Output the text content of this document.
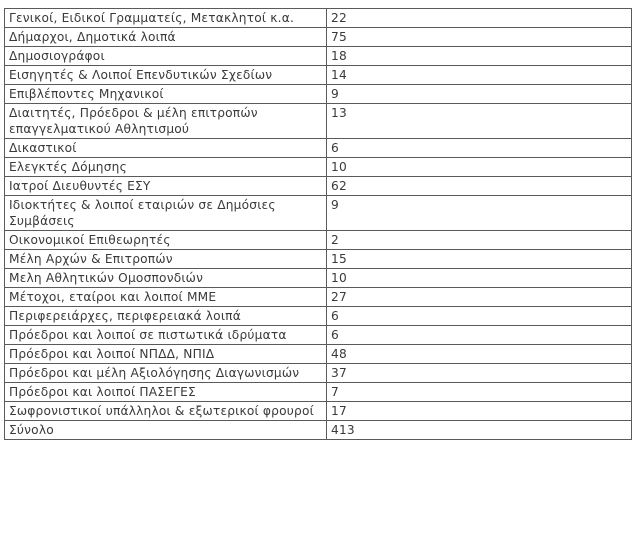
Γενικοί, Ειδικοί Γραμματείς, Μετακλητοί κ.α.	22
Δήμαρχοι, Δημοτικά λοιπά	75
Δημοσιογράφοι	18
Εισηγητές & Λοιποί Επενδυτικών Σχεδίων	14
Επιβλέποντες Μηχανικοί	9
Διαιτητές, Πρόεδροι & μέλη επιτροπών επαγγελματικού Αθλητισμού	13
Δικαστικοί	6
Ελεγκτές Δόμησης	10
Ιατροί Διευθυντές ΕΣΥ	62
Ιδιοκτήτες & λοιποί εταιριών σε Δημόσιες Συμβάσεις	9
Οικονομικοί Επιθεωρητές	2
Μέλη Αρχών & Επιτροπών	15
Μελη Αθλητικών Ομοσπονδιών	10
Μέτοχοι, εταίροι και λοιποί ΜΜΕ	27
Περιφερειάρχες, περιφερειακά λοιπά	6
Πρόεδροι και λοιποί σε πιστωτικά ιδρύματα	6
Πρόεδροι και λοιποί ΝΠΔΔ, ΝΠΙΔ	48
Πρόεδροι και μέλη Αξιολόγησης Διαγωνισμών	37
Πρόεδροι και λοιποί ΠΑΣΕΓΕΣ	7
Σωφρονιστικοί υπάλληλοι & εξωτερικοί φρουροί	17
Σύνολο	413
